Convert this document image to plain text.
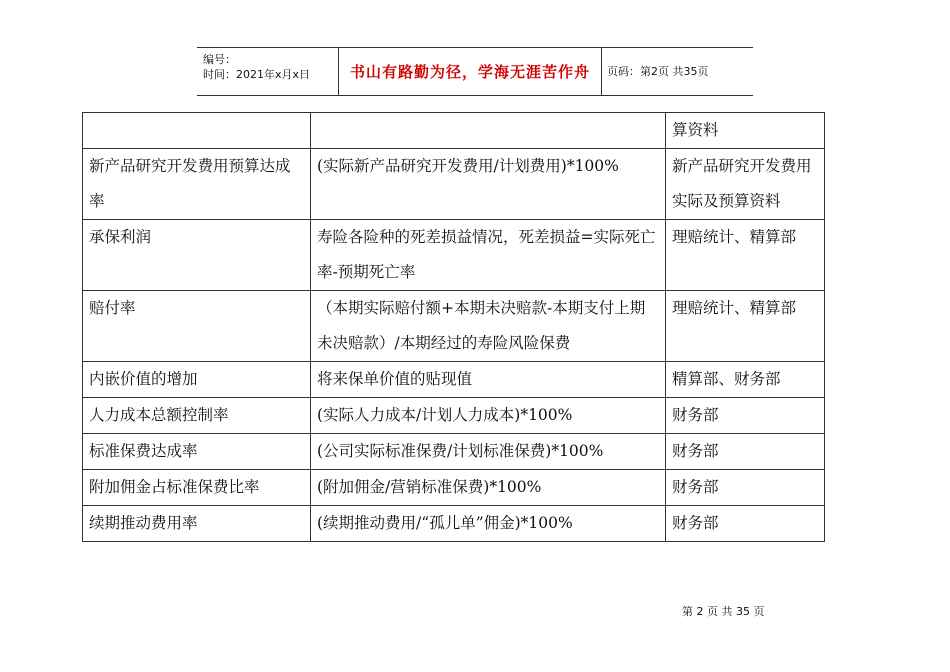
编号：
时间：2021年x月x日	书山有路勤为径，学海无涯苦作舟	页码：第2页 共35页
		算资料
新产品研究开发费用预算达成率	(实际新产品研究开发费用/计划费用)*100%	新产品研究开发费用实际及预算资料
承保利润	寿险各险种的死差损益情况，死差损益=实际死亡率-预期死亡率	理赔统计、精算部
赔付率	（本期实际赔付额+本期未决赔款-本期支付上期未决赔款）/本期经过的寿险风险保费	理赔统计、精算部
内嵌价值的增加	将来保单价值的贴现值	精算部、财务部
人力成本总额控制率	(实际人力成本/计划人力成本)*100%	财务部
标准保费达成率	(公司实际标准保费/计划标准保费)*100%	财务部
附加佣金占标准保费比率	(附加佣金/营销标准保费)*100%	财务部
续期推动费用率	(续期推动费用/“孤儿单”佣金)*100%	财务部
第 2 页 共 35 页
